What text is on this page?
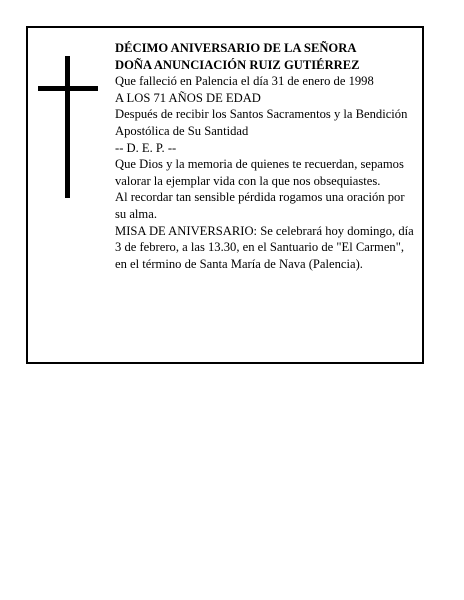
DÉCIMO ANIVERSARIO DE LA SEÑORA
DOÑA ANUNCIACIÓN RUIZ GUTIÉRREZ
Que falleció en Palencia el día 31 de enero de 1998
A LOS 71 AÑOS DE EDAD
Después de recibir los Santos Sacramentos y la Bendición Apostólica de Su Santidad
-- D. E. P. --
Que Dios y la memoria de quienes te recuerdan, sepamos valorar la ejemplar vida con la que nos obsequiastes.
Al recordar tan sensible pérdida rogamos una oración por su alma.
MISA DE ANIVERSARIO: Se celebrará hoy domingo, día 3 de febrero, a las 13.30, en el Santuario de "El Carmen", en el término de Santa María de Nava (Palencia).
